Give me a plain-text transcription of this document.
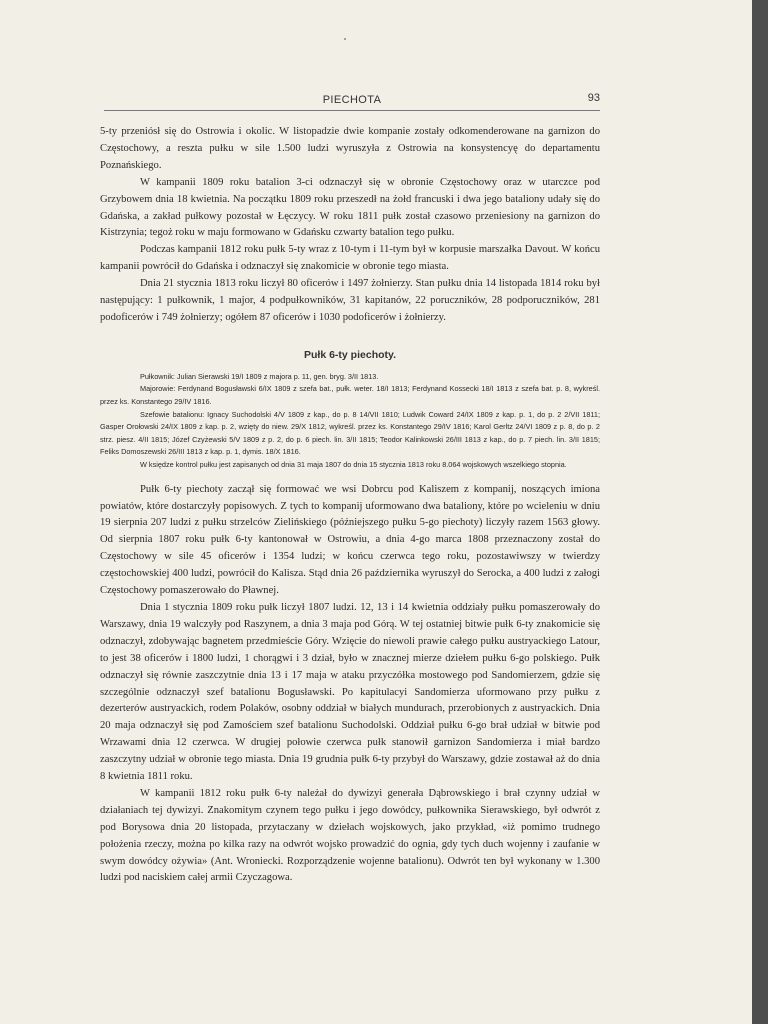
PIECHOTA	93

5-ty przeniósł się do Ostrowia i okolic. W listopadzie dwie kompanie zostały odkomenderowane na garnizon do Częstochowy, a reszta pułku w sile 1.500 ludzi wyruszyła z Ostrowia na konsystencyę do departamentu Poznańskiego.

W kampanii 1809 roku batalion 3-ci odznaczył się w obronie Częstochowy oraz w utarczce pod Grzybowem dnia 18 kwietnia. Na początku 1809 roku przeszedł na żołd francuski i dwa jego bataliony udały się do Gdańska, a zakład pułkowy pozostał w Łęczycy. W roku 1811 pułk został czasowo przeniesiony na garnizon do Kistrzynia; tegoż roku w maju formowano w Gdańsku czwarty batalion tego pułku.

Podczas kampanii 1812 roku pułk 5-ty wraz z 10-tym i 11-tym był w korpusie marszałka Davout. W końcu kampanii powrócił do Gdańska i odznaczył się znakomicie w obronie tego miasta.

Dnia 21 stycznia 1813 roku liczył 80 oficerów i 1497 żołnierzy. Stan pułku dnia 14 listopada 1814 roku był następujący: 1 pułkownik, 1 major, 4 podpułkowników, 31 kapitanów, 22 poruczników, 28 podporuczników, 281 podoficerów i 749 żołnierzy; ogółem 87 oficerów i 1030 podoficerów i żołnierzy.

Pułk 6-ty piechoty.

Pułkownik: Julian Sierawski 19/I 1809 z majora p. 11, gen. bryg. 3/II 1813.

Majorowie: Ferdynand Bogusławski 6/IX 1809 z szefa bat., pułk. weter. 18/I 1813; Ferdynand Kossecki 18/I 1813 z szefa bat. p. 8, wykreśl. przez ks. Konstantego 29/IV 1816.

Szefowie batalionu: Ignacy Suchodolski 4/V 1809 z kap., do p. 8 14/VII 1810; Ludwik Coward 24/IX 1809 z kap. p. 1, do p. 2 2/VII 1811; Gasper Orołowski 24/IX 1809 z kap. p. 2, wzięty do niew. 29/X 1812, wykreśl. przez ks. Konstantego 29/IV 1816; Karol Gerltz 24/VI 1809 z p. 8, do p. 2 strz. piesz. 4/II 1815; Józef Czyżewski 5/V 1809 z p. 2, do p. 6 piech. lin. 3/II 1815; Teodor Kalinkowski 26/III 1813 z kap., do p. 7 piech. lin. 3/II 1815; Feliks Domoszewski 26/III 1813 z kap. p. 1, dymis. 18/X 1816.

W księdze kontrol pułku jest zapisanych od dnia 31 maja 1807 do dnia 15 stycznia 1813 roku 8.064 wojskowych wszelkiego stopnia.

Pułk 6-ty piechoty zaczął się formować we wsi Dobrcu pod Kaliszem z kompanij, noszących imiona powiatów, które dostarczyły popisowych. Z tych to kompanij uformowano dwa bataliony, które po wcieleniu w dniu 19 sierpnia 207 ludzi z pułku strzelców Zielińskiego (późniejszego pułku 5-go piechoty) liczyły razem 1563 głowy. Od sierpnia 1807 roku pułk 6-ty kantonował w Ostrowiu, a dnia 4-go marca 1808 przeznaczony został do Częstochowy w sile 45 oficerów i 1354 ludzi; w końcu czerwca tego roku, pozostawiwszy w twierdzy częstochowskiej 400 ludzi, powrócił do Kalisza. Stąd dnia 26 października wyruszył do Serocka, a 400 ludzi z załogi Częstochowy pomaszerowało do Pławnej.

Dnia 1 stycznia 1809 roku pułk liczył 1807 ludzi. 12, 13 i 14 kwietnia oddziały pułku pomaszerowały do Warszawy, dnia 19 walczyły pod Raszynem, a dnia 3 maja pod Górą. W tej ostatniej bitwie pułk 6-ty znakomicie się odznaczył, zdobywając bagnetem przedmieście Góry. Wzięcie do niewoli prawie całego pułku austryackiego Latour, to jest 38 oficerów i 1800 ludzi, 1 chorągwi i 3 dział, było w znacznej mierze dziełem pułku 6-go polskiego. Pułk odznaczył się równie zaszczytnie dnia 13 i 17 maja w ataku przyczółka mostowego pod Sandomierzem, gdzie się szczególnie odznaczył szef batalionu Bogusławski. Po kapitulacyi Sandomierza uformowano przy pułku z dezerterów austryackich, rodem Polaków, osobny oddział w białych mundurach, przerobionych z austryackich. Dnia 20 maja odznaczył się pod Zamościem szef batalionu Suchodolski. Oddział pułku 6-go brał udział w bitwie pod Wrzawami dnia 12 czerwca. W drugiej połowie czerwca pułk stanowił garnizon Sandomierza i miał bardzo zaszczytny udział w obronie tego miasta. Dnia 19 grudnia pułk 6-ty przybył do Warszawy, gdzie zostawał aż do dnia 8 kwietnia 1811 roku.

W kampanii 1812 roku pułk 6-ty należał do dywizyi generała Dąbrowskiego i brał czynny udział w działaniach tej dywizyi. Znakomitym czynem tego pułku i jego dowódcy, pułkownika Sierawskiego, był odwrót z pod Borysowa dnia 20 listopada, przytaczany w dziełach wojskowych, jako przykład, «iż pomimo trudnego położenia rzeczy, można po kilka razy na odwrót wojsko prowadzić do ognia, gdy tych duch wojenny i zaufanie w swym dowódcy ożywia» (Ant. Wroniecki. Rozporządzenie wojenne batalionu). Odwrót ten był wykonany w 1.300 ludzi pod naciskiem całej armii Czyczagowa.
